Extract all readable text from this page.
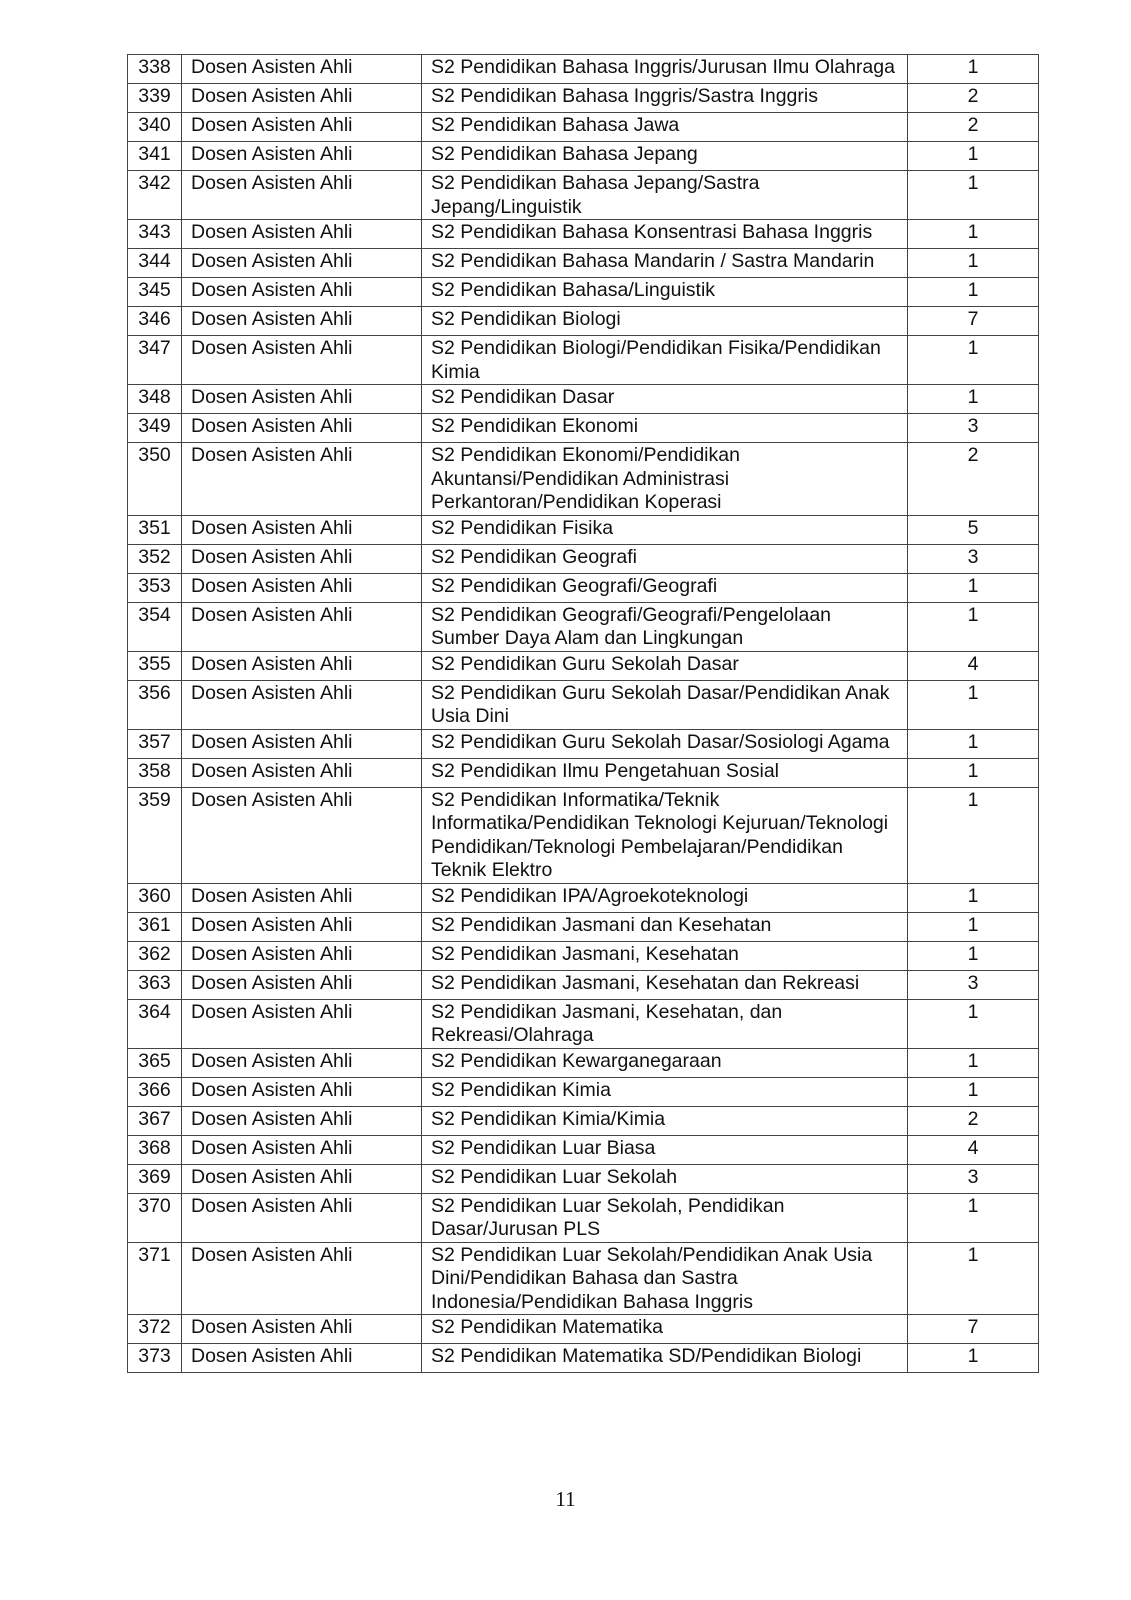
338	Dosen Asisten Ahli	S2 Pendidikan Bahasa Inggris/Jurusan Ilmu Olahraga	1
339	Dosen Asisten Ahli	S2 Pendidikan Bahasa Inggris/Sastra Inggris	2
340	Dosen Asisten Ahli	S2 Pendidikan Bahasa Jawa	2
341	Dosen Asisten Ahli	S2 Pendidikan Bahasa Jepang	1
342	Dosen Asisten Ahli	S2 Pendidikan Bahasa Jepang/Sastra Jepang/Linguistik	1
343	Dosen Asisten Ahli	S2 Pendidikan Bahasa Konsentrasi Bahasa Inggris	1
344	Dosen Asisten Ahli	S2 Pendidikan Bahasa Mandarin / Sastra Mandarin	1
345	Dosen Asisten Ahli	S2 Pendidikan Bahasa/Linguistik	1
346	Dosen Asisten Ahli	S2 Pendidikan Biologi	7
347	Dosen Asisten Ahli	S2 Pendidikan Biologi/Pendidikan Fisika/Pendidikan Kimia	1
348	Dosen Asisten Ahli	S2 Pendidikan Dasar	1
349	Dosen Asisten Ahli	S2 Pendidikan Ekonomi	3
350	Dosen Asisten Ahli	S2 Pendidikan Ekonomi/Pendidikan Akuntansi/Pendidikan Administrasi Perkantoran/Pendidikan Koperasi	2
351	Dosen Asisten Ahli	S2 Pendidikan Fisika	5
352	Dosen Asisten Ahli	S2 Pendidikan Geografi	3
353	Dosen Asisten Ahli	S2 Pendidikan Geografi/Geografi	1
354	Dosen Asisten Ahli	S2 Pendidikan Geografi/Geografi/Pengelolaan Sumber Daya Alam dan Lingkungan	1
355	Dosen Asisten Ahli	S2 Pendidikan Guru Sekolah Dasar	4
356	Dosen Asisten Ahli	S2 Pendidikan Guru Sekolah Dasar/Pendidikan Anak Usia Dini	1
357	Dosen Asisten Ahli	S2 Pendidikan Guru Sekolah Dasar/Sosiologi Agama	1
358	Dosen Asisten Ahli	S2 Pendidikan Ilmu Pengetahuan Sosial	1
359	Dosen Asisten Ahli	S2 Pendidikan Informatika/Teknik Informatika/Pendidikan Teknologi Kejuruan/Teknologi Pendidikan/Teknologi Pembelajaran/Pendidikan Teknik Elektro	1
360	Dosen Asisten Ahli	S2 Pendidikan IPA/Agroekoteknologi	1
361	Dosen Asisten Ahli	S2 Pendidikan Jasmani dan Kesehatan	1
362	Dosen Asisten Ahli	S2 Pendidikan Jasmani, Kesehatan	1
363	Dosen Asisten Ahli	S2 Pendidikan Jasmani, Kesehatan dan Rekreasi	3
364	Dosen Asisten Ahli	S2 Pendidikan Jasmani, Kesehatan, dan Rekreasi/Olahraga	1
365	Dosen Asisten Ahli	S2 Pendidikan Kewarganegaraan	1
366	Dosen Asisten Ahli	S2 Pendidikan Kimia	1
367	Dosen Asisten Ahli	S2 Pendidikan Kimia/Kimia	2
368	Dosen Asisten Ahli	S2 Pendidikan Luar Biasa	4
369	Dosen Asisten Ahli	S2 Pendidikan Luar Sekolah	3
370	Dosen Asisten Ahli	S2 Pendidikan Luar Sekolah, Pendidikan Dasar/Jurusan PLS	1
371	Dosen Asisten Ahli	S2 Pendidikan Luar Sekolah/Pendidikan Anak Usia Dini/Pendidikan Bahasa dan Sastra Indonesia/Pendidikan Bahasa Inggris	1
372	Dosen Asisten Ahli	S2 Pendidikan Matematika	7
373	Dosen Asisten Ahli	S2 Pendidikan Matematika SD/Pendidikan Biologi	1
11
